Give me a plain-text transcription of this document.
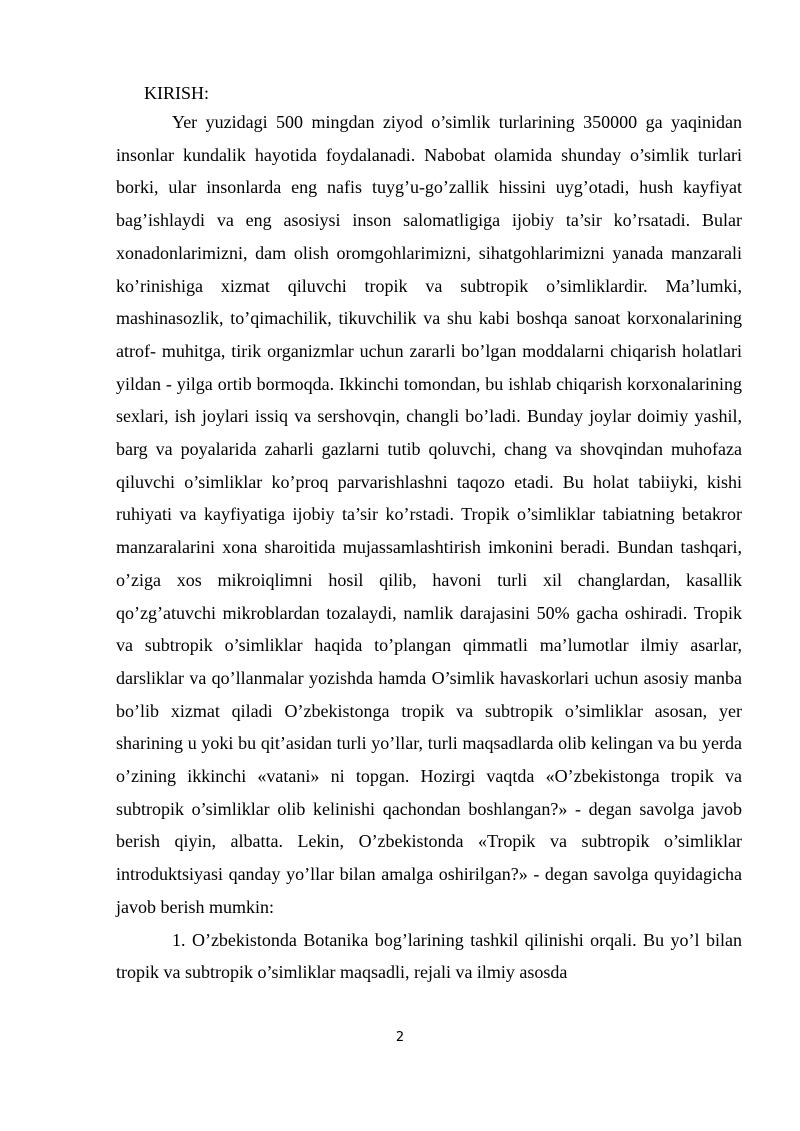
KIRISH:

Yer yuzidagi 500 mingdan ziyod o’simlik turlarining 350000 ga yaqinidan insonlar kundalik hayotida foydalanadi. Nabobat olamida shunday o’simlik turlari borki, ular insonlarda eng nafis tuyg’u-go’zallik hissini uyg’otadi, hush kayfiyat bag’ishlaydi va eng asosiysi inson salomatligiga ijobiy ta’sir ko’rsatadi. Bular xonadonlarimizni, dam olish oromgohlarimizni, sihatgohlarimizni yanada manzarali ko’rinishiga xizmat qiluvchi tropik va subtropik o’simliklardir. Ma’lumki, mashinasozlik, to’qimachilik, tikuvchilik va shu kabi boshqa sanoat korxonalarining atrof- muhitga, tirik organizmlar uchun zararli bo’lgan moddalarni chiqarish holatlari yildan - yilga ortib bormoqda. Ikkinchi tomondan, bu ishlab chiqarish korxonalarining sexlari, ish joylari issiq va sershovqin, changli bo’ladi. Bunday joylar doimiy yashil, barg va poyalarida zaharli gazlarni tutib qoluvchi, chang va shovqindan muhofaza qiluvchi o’simliklar ko’proq parvarishlashni taqozo etadi. Bu holat tabiiyki, kishi ruhiyati va kayfiyatiga ijobiy ta’sir ko’rstadi. Tropik o’simliklar tabiatning betakror manzaralarini xona sharoitida mujassamlashtirish imkonini beradi. Bundan tashqari, o’ziga xos mikroiqlimni hosil qilib, havoni turli xil changlardan, kasallik qo’zg’atuvchi mikroblardan tozalaydi, namlik darajasini 50% gacha oshiradi. Tropik va subtropik o’simliklar haqida to’plangan qimmatli ma’lumotlar ilmiy asarlar, darsliklar va qo’llanmalar yozishda hamda O’simlik havaskorlari uchun asosiy manba bo’lib xizmat qiladi O’zbekistonga tropik va subtropik o’simliklar asosan, yer sharining u yoki bu qit’asidan turli yo’llar, turli maqsadlarda olib kelingan va bu yerda o’zining ikkinchi «vatani» ni topgan. Hozirgi vaqtda «O’zbekistonga tropik va subtropik o’simliklar olib kelinishi qachondan boshlangan?» - degan savolga javob berish qiyin, albatta. Lekin, O’zbekistonda «Tropik va subtropik o’simliklar introduktsiyasi qanday yo’llar bilan amalga oshirilgan?» - degan savolga quyidagicha javob berish mumkin:

1. O’zbekistonda Botanika bog’larining tashkil qilinishi orqali. Bu yo’l bilan tropik va subtropik o’simliklar maqsadli, rejali va ilmiy asosda

2
